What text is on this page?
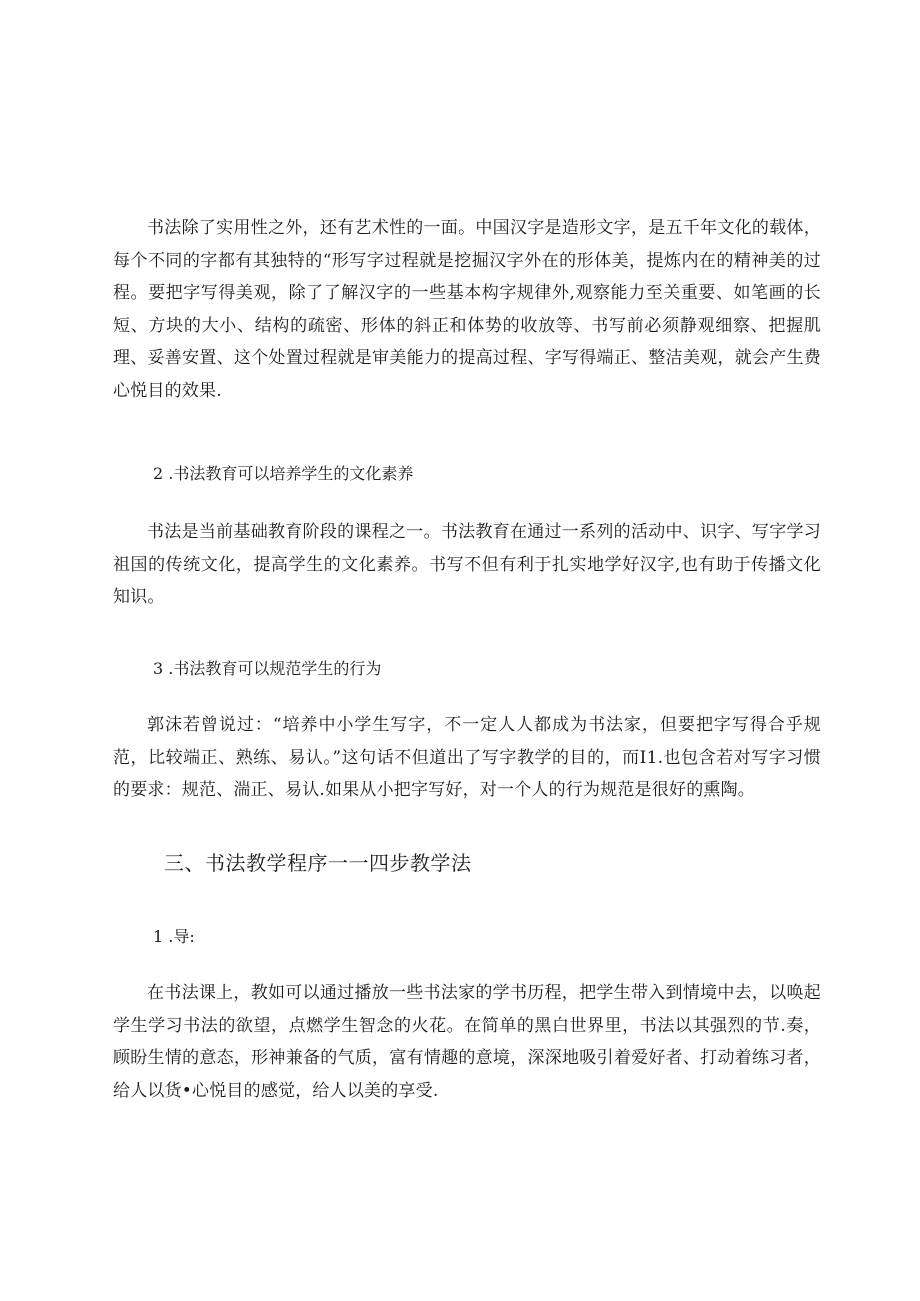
书法除了实用性之外，还有艺术性的一面。中国汉字是造形文字，是五千年文化的载体，每个不同的字都有其独特的“形写字过程就是挖掘汉字外在的形体美，提炼内在的精神美的过程。要把字写得美观，除了了解汉字的一些基本构字规律外,观察能力至关重要、如笔画的长短、方块的大小、结构的疏密、形体的斜正和体势的收放等、书写前必须静观细察、把握肌理、妥善安置、这个处置过程就是审美能力的提高过程、字写得端正、整洁美观，就会产生费心悦目的效果.

2 .书法教育可以培养学生的文化素养

书法是当前基础教育阶段的课程之一。书法教育在通过一系列的活动中、识字、写字学习祖国的传统文化，提高学生的文化素养。书写不但有利于扎实地学好汉字,也有助于传播文化知识。

3 .书法教育可以规范学生的行为

郭沫若曾说过：“培养中小学生写字，不一定人人都成为书法家，但要把字写得合乎规范，比较端正、熟练、易认。”这句话不但道出了写字教学的目的，而I1.也包含若对写字习惯的要求：规范、湍正、易认.如果从小把字写好，对一个人的行为规范是很好的熏陶。

三、书法教学程序一一四步教学法

1 .导:

在书法课上，教如可以通过播放一些书法家的学书历程，把学生带入到情境中去，以唤起学生学习书法的欲望，点燃学生智念的火花。在简单的黑白世界里，书法以其强烈的节.奏，顾盼生情的意态，形神兼备的气质，富有情趣的意境，深深地吸引着爱好者、打动着练习者，给人以货•心悦目的感觉，给人以美的享受.
